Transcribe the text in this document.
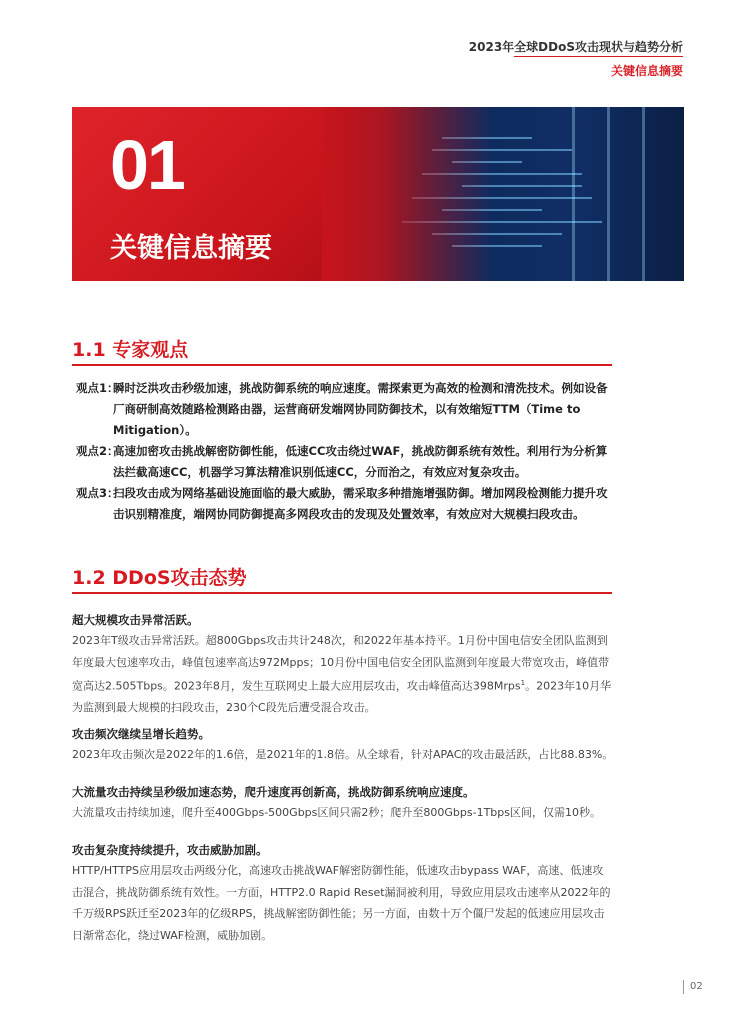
2023年全球DDoS攻击现状与趋势分析
关键信息摘要
01
关键信息摘要
1.1 专家观点
观点1：
瞬时泛洪攻击秒级加速，挑战防御系统的响应速度。需探索更为高效的检测和清洗技术。例如设备厂商研制高效随路检测路由器，运营商研发端网协同防御技术，以有效缩短TTM（Time to Mitigation）。
观点2：
高速加密攻击挑战解密防御性能，低速CC攻击绕过WAF，挑战防御系统有效性。利用行为分析算法拦截高速CC，机器学习算法精准识别低速CC，分而治之，有效应对复杂攻击。
观点3：
扫段攻击成为网络基础设施面临的最大威胁，需采取多种措施增强防御。增加网段检测能力提升攻击识别精准度，端网协同防御提高多网段攻击的发现及处置效率，有效应对大规模扫段攻击。
1.2 DDoS攻击态势
超大规模攻击异常活跃。
2023年T级攻击异常活跃。超800Gbps攻击共计248次，和2022年基本持平。1月份中国电信安全团队监测到年度最大包速率攻击，峰值包速率高达972Mpps；10月份中国电信安全团队监测到年度最大带宽攻击，峰值带宽高达2.505Tbps。2023年8月，发生互联网史上最大应用层攻击，攻击峰值高达398Mrps$^1$。2023年10月华为监测到最大规模的扫段攻击，230个C段先后遭受混合攻击。
攻击频次继续呈增长趋势。
2023年攻击频次是2022年的1.6倍，是2021年的1.8倍。从全球看，针对APAC的攻击最活跃，占比88.83%。
大流量攻击持续呈秒级加速态势，爬升速度再创新高，挑战防御系统响应速度。
大流量攻击持续加速，爬升至400Gbps-500Gbps区间只需2秒；爬升至800Gbps-1Tbps区间，仅需10秒。
攻击复杂度持续提升，攻击威胁加剧。
HTTP/HTTPS应用层攻击两级分化，高速攻击挑战WAF解密防御性能，低速攻击bypass WAF，高速、低速攻击混合，挑战防御系统有效性。一方面，HTTP2.0 Rapid Reset漏洞被利用，导致应用层攻击速率从2022年的千万级RPS跃迁至2023年的亿级RPS，挑战解密防御性能；另一方面，由数十万个僵尸发起的低速应用层攻击日渐常态化，绕过WAF检测，威胁加剧。
02
